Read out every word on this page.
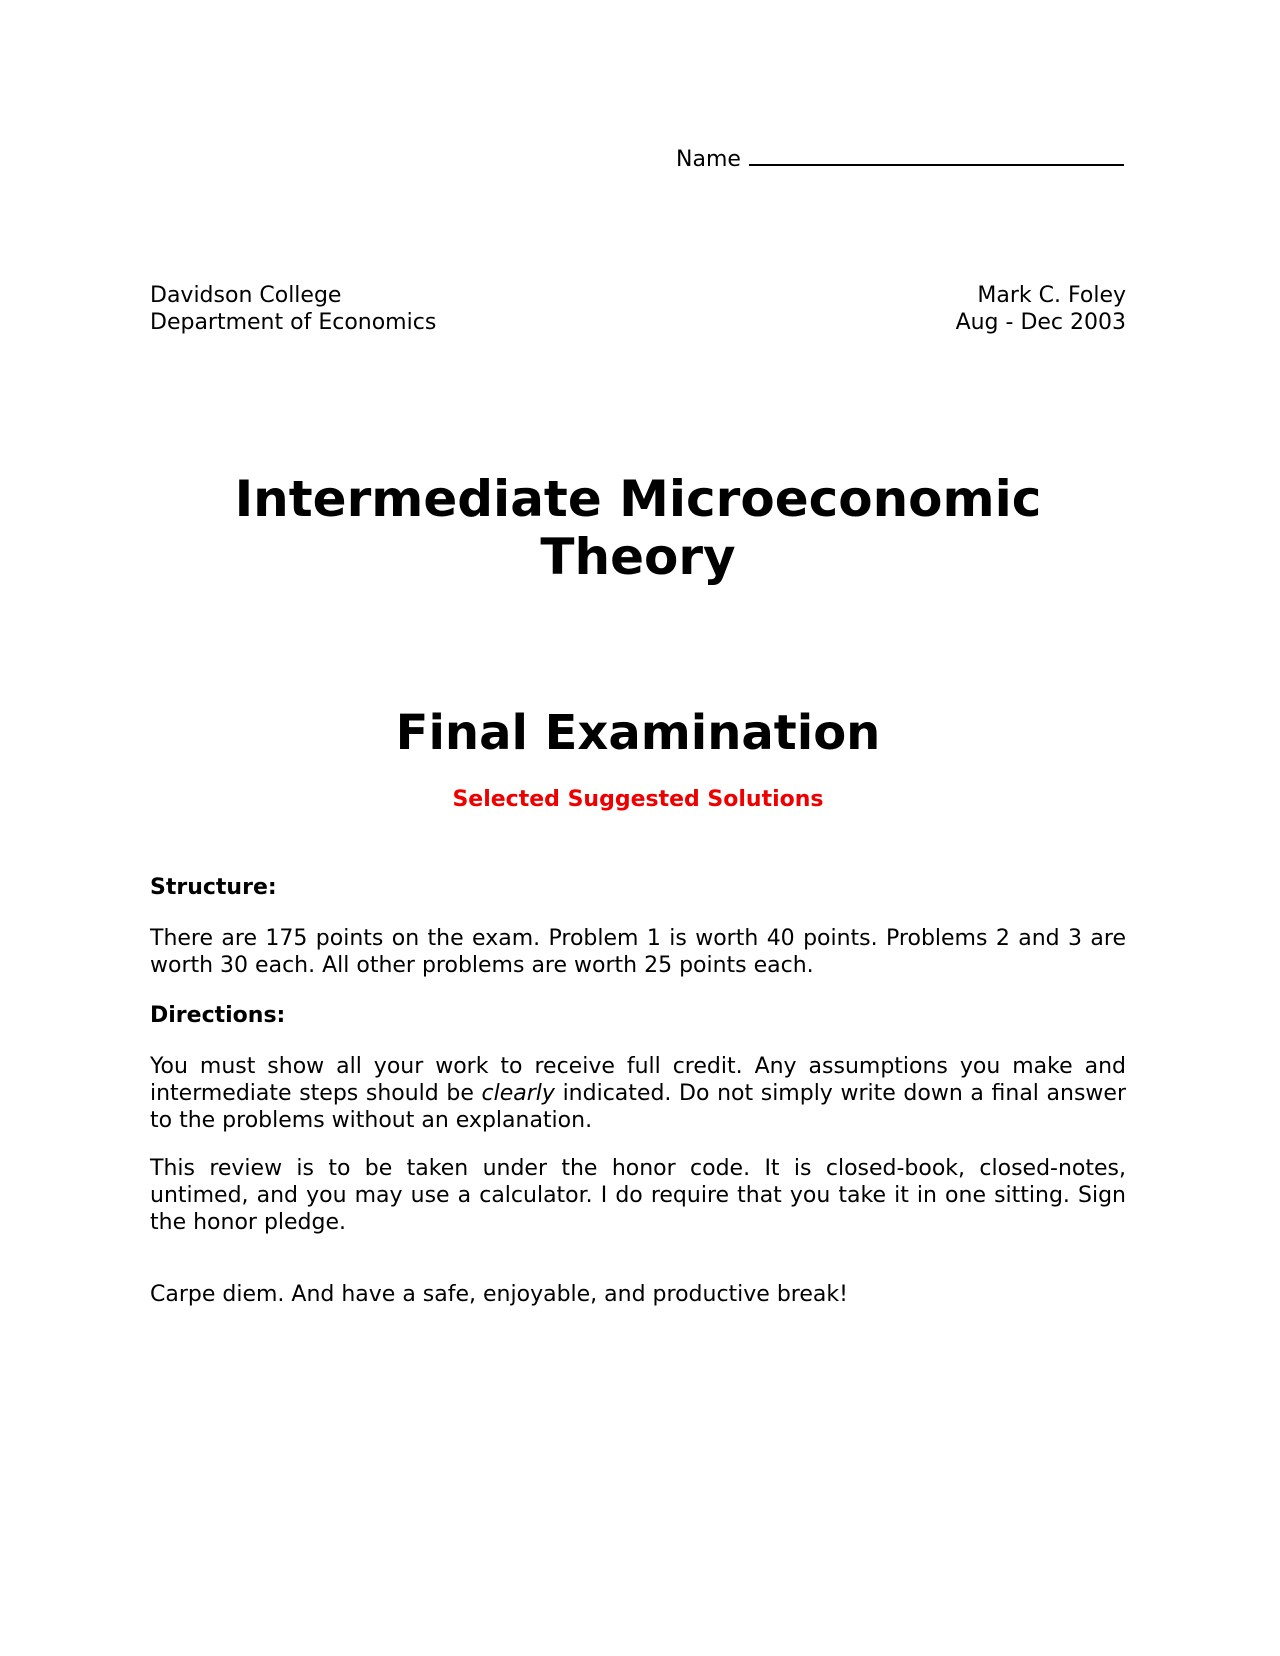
Name
Davidson College
Department of Economics
Mark C. Foley
Aug - Dec 2003
Intermediate Microeconomic
Theory
Final Examination
Selected Suggested Solutions
Structure:
There are 175 points on the exam. Problem 1 is worth 40 points. Problems 2 and 3 are worth 30 each. All other problems are worth 25 points each.
Directions:
You must show all your work to receive full credit. Any assumptions you make and intermediate steps should be clearly indicated. Do not simply write down a final answer to the problems without an explanation.
This review is to be taken under the honor code. It is closed-book, closed-notes, untimed, and you may use a calculator. I do require that you take it in one sitting. Sign the honor pledge.
Carpe diem. And have a safe, enjoyable, and productive break!
